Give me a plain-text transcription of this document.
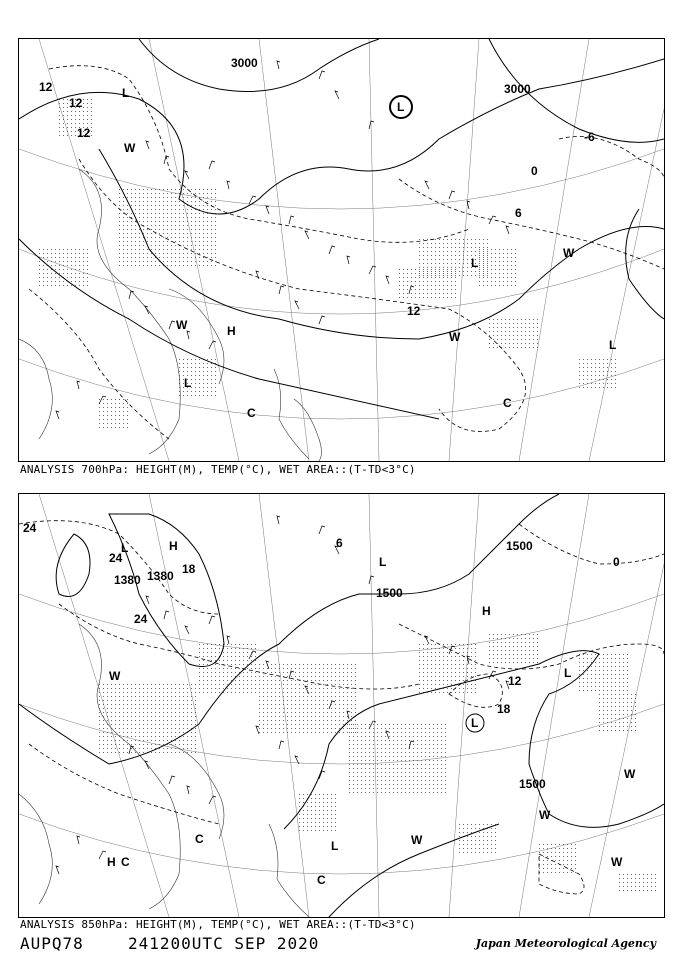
3000
3000
12
12
12
12
-6
0
6
L
L
L
H
L
L
C
C
W
W
W
W
ANALYSIS 700hPa: HEIGHT(M), TEMP(°C), WET AREA::(T-TD<3°C)
1380 1380
1500
1500
1500
24
24
24
18
18
12
6
0
L	H
L
H
L
L
L
H C
C
C
W
W
W
W
W
ANALYSIS 850hPa: HEIGHT(M), TEMP(°C), WET AREA::(T-TD<3°C)
AUPQ78	241200UTC SEP 2020	Japan Meteorological Agency
